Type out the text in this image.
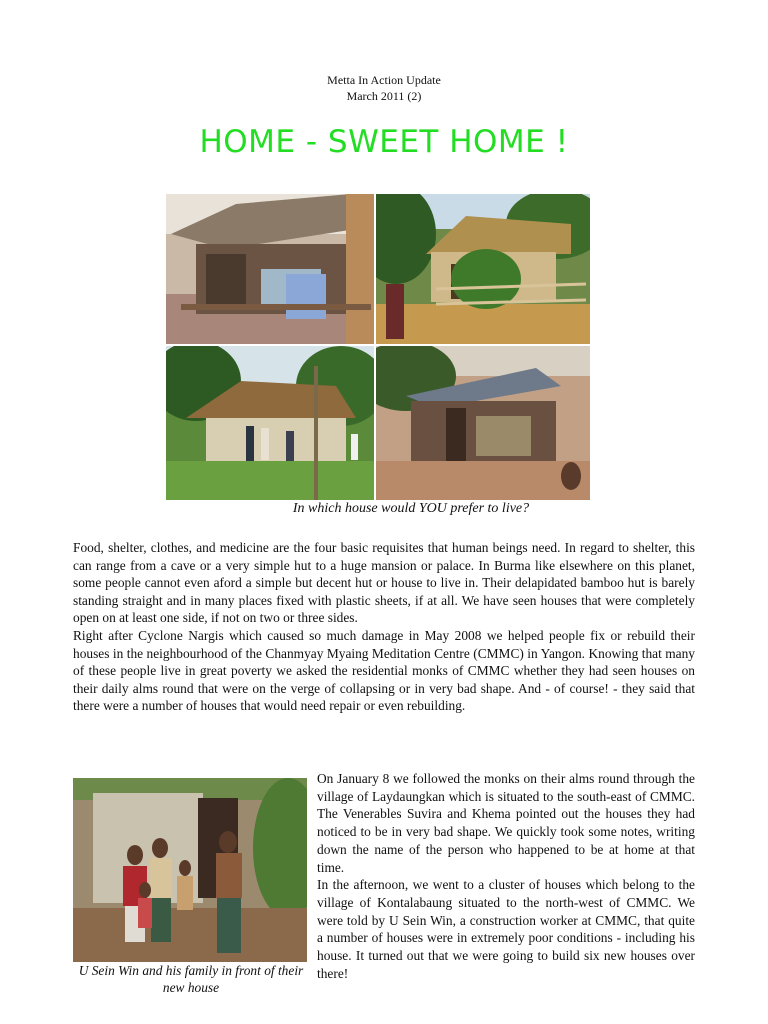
Metta In Action Update
March 2011 (2)
HOME - SWEET HOME !
In which house would YOU prefer to live?

Food, shelter, clothes, and medicine are the four basic requisites that human beings need. In regard to shelter, this can range from a cave or a very simple hut to a huge mansion or palace. In Burma like elsewhere on this planet, some people cannot even aford a simple but decent hut or house to live in. Their delapidated bamboo hut is barely standing straight and in many places fixed with plastic sheets, if at all. We have seen houses that were completely open on at least one side, if not on two or three sides.

Right after Cyclone Nargis which caused so much damage in May 2008 we helped people fix or rebuild their houses in the neighbourhood of the Chanmyay Myaing Meditation Centre (CMMC) in Yangon. Knowing that many of these people live in great poverty we asked the residential monks of CMMC whether they had seen houses on their daily alms round that were on the verge of collapsing or in very bad shape. And - of course! - they said that there were a number of houses that would need repair or even rebuilding.

U Sein Win and his family in front of their new house

On January 8 we followed the monks on their alms round through the village of Laydaungkan which is situated to the south-east of CMMC. The Venerables Suvira and Khema pointed out the houses they had noticed to be in very bad shape. We quickly took some notes, writing down the name of the person who happened to be at home at that time.

In the afternoon, we went to a cluster of houses which belong to the village of Kontalabaung situated to the north-west of CMMC. We were told by U Sein Win, a construction worker at CMMC, that quite a number of houses were in extremely poor conditions - including his house. It turned out that we were going to build six new houses over there!
